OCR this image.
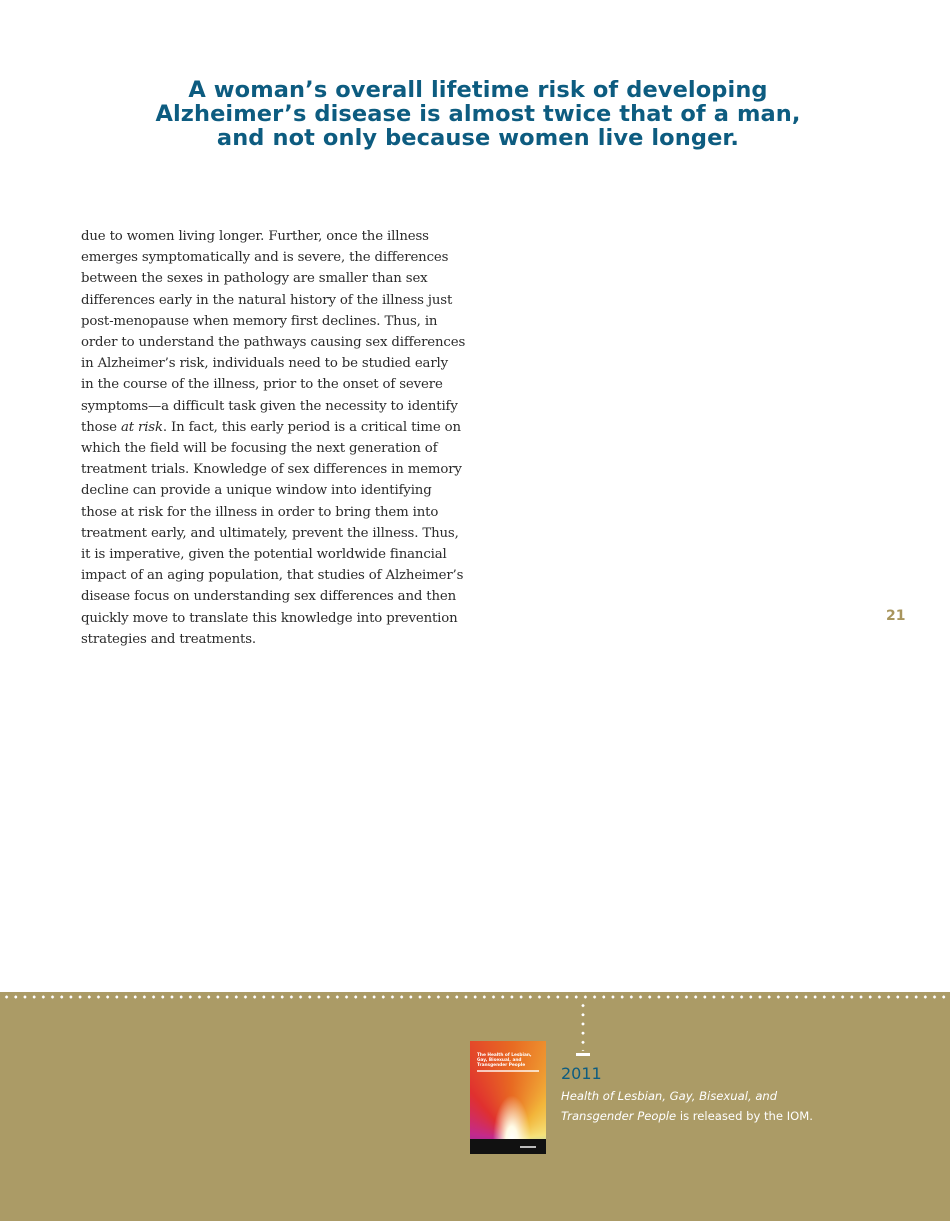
A woman’s overall lifetime risk of developing
Alzheimer’s disease is almost twice that of a man,
and not only because women live longer.

due to women living longer. Further, once the illness
emerges symptomatically and is severe, the differences
between the sexes in pathology are smaller than sex
differences early in the natural history of the illness just
post-menopause when memory first declines. Thus, in
order to understand the pathways causing sex differences
in Alzheimer’s risk, individuals need to be studied early
in the course of the illness, prior to the onset of severe
symptoms—a difficult task given the necessity to identify
those at risk. In fact, this early period is a critical time on
which the field will be focusing the next generation of
treatment trials. Knowledge of sex differences in memory
decline can provide a unique window into identifying
those at risk for the illness in order to bring them into
treatment early, and ultimately, prevent the illness. Thus,
it is imperative, given the potential worldwide financial
impact of an aging population, that studies of Alzheimer’s
disease focus on understanding sex differences and then
quickly move to translate this knowledge into prevention
strategies and treatments.

21
The Health of Lesbian, Gay, Bisexual, and Transgender People	2011

Health of Lesbian, Gay, Bisexual, and
Transgender People is released by the IOM.
